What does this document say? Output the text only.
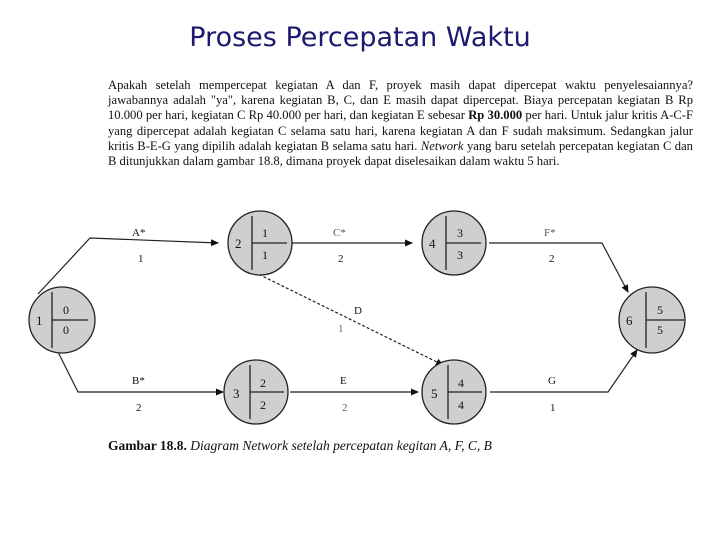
Proses Percepatan Waktu
Apakah setelah mempercepat kegiatan A dan F, proyek masih dapat dipercepat waktu penyelesaiannya? jawabannya adalah "ya", karena kegiatan B, C, dan E masih dapat dipercepat. Biaya percepatan kegiatan B Rp 10.000 per hari, kegiatan C Rp 40.000 per hari, dan kegiatan E sebesar Rp 30.000 per hari. Untuk jalur kritis A-C-F yang dipercepat adalah kegiatan C selama satu hari, karena kegiatan A dan F sudah maksimum. Sedangkan jalur kritis B-E-G yang dipilih adalah kegiatan B selama satu hari. Network yang baru setelah percepatan kegiatan C dan B ditunjukkan dalam gambar 18.8, dimana proyek dapat diselesaikan dalam waktu 5 hari.
A*
1
C*
2
F*
2
D
1
B*
2
E
2
G
1
1
0
0
2
1
1
4
3
3
6
5
5
3
2
2
5
4
4
Gambar 18.8. Diagram Network setelah percepatan kegitan A, F, C, B
